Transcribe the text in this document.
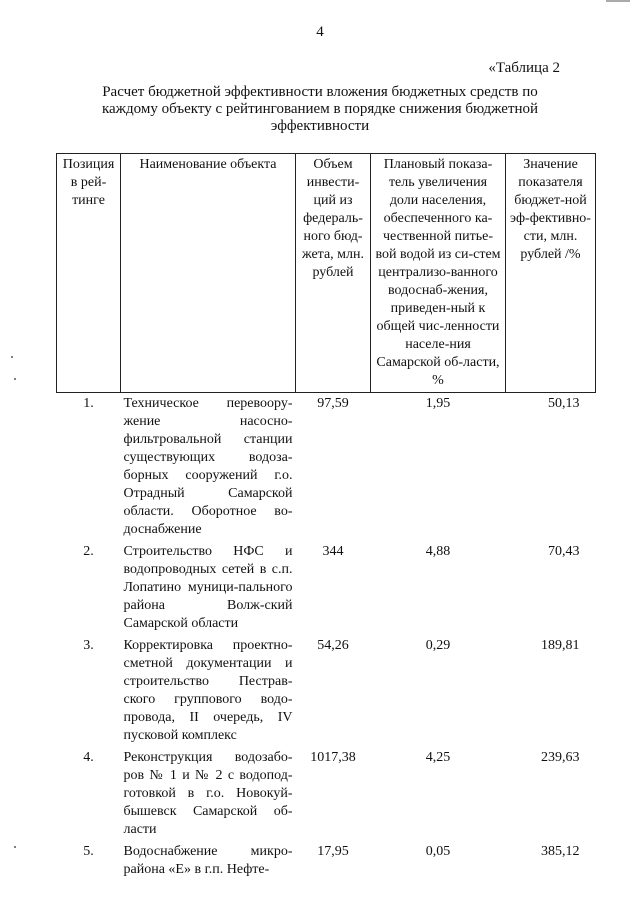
4
«Таблица 2
Расчет бюджетной эффективности вложения бюджетных средств по каждому объекту с рейтингованием в порядке снижения бюджетной эффективности
Позиция в рей-тинге	Наименование объекта	Объем инвести-ций из федераль-ного бюд-жета, млн. рублей	Плановый показа-тель увеличения доли населения, обеспеченного ка-чественной питье-вой водой из си-стем централизо-ванного водоснаб-жения, приведен-ный к общей чис-ленности населе-ния Самарской об-ласти, %	Значение показателя бюджет-ной эф-фективно-сти, млн. рублей /%
1.	Техническое перевоору-жение насосно-фильтровальной станции существующих водоза-борных сооружений г.о. Отрадный Самарской области. Оборотное во-доснабжение	97,59	1,95	50,13
2.	Строительство НФС и водопроводных сетей в с.п. Лопатино муници-пального района Волж-ский Самарской области	344	4,88	70,43
3.	Корректировка проектно-сметной документации и строительство Пестрав-ского группового водо-провода, II очередь, IV пусковой комплекс	54,26	0,29	189,81
4.	Реконструкция водозабо-ров № 1 и № 2 с водопод-готовкой в г.о. Новокуй-бышевск Самарской об-ласти	1017,38	4,25	239,63
5.	Водоснабжение микро-района «Е» в г.п. Нефте-	17,95	0,05	385,12
